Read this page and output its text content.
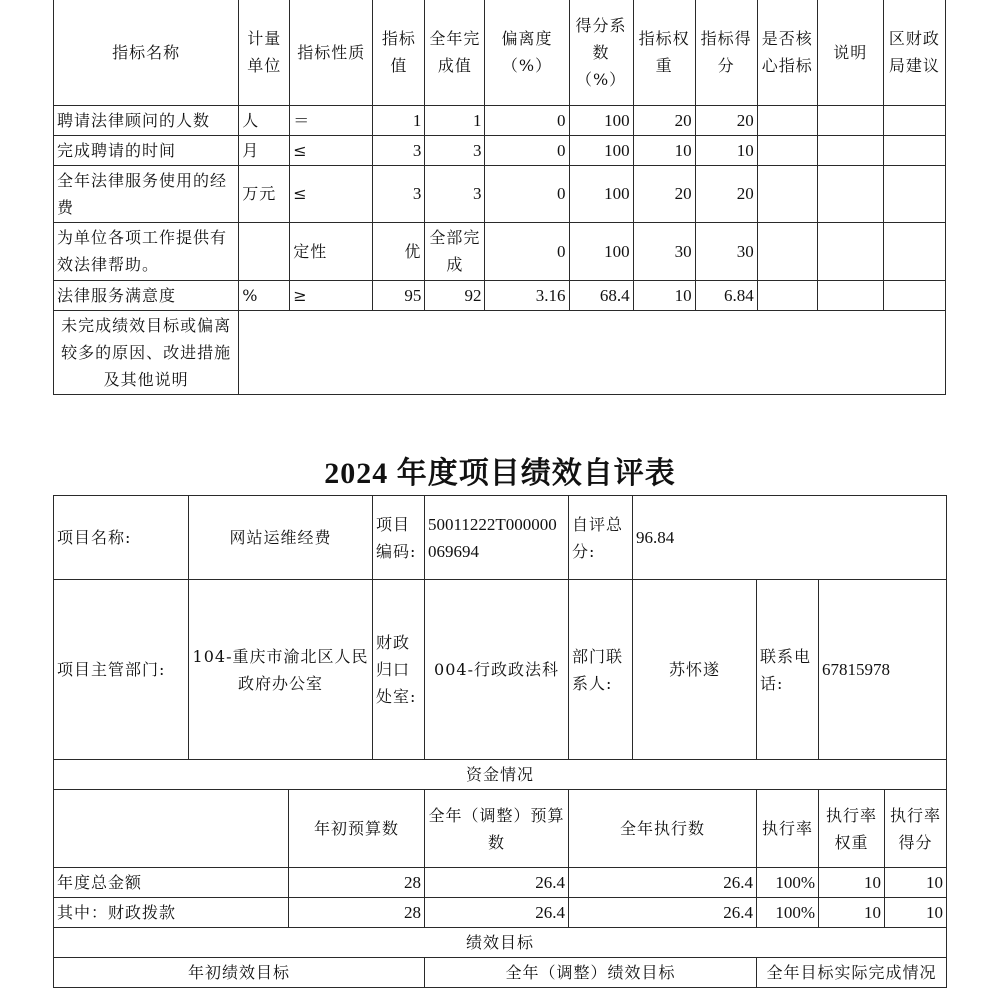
指标名称	计量单位	指标性质	指标值	全年完成值	偏离度（%）	得分系数（%）	指标权重	指标得分	是否核心指标	说明	区财政局建议
聘请法律顾问的人数	人	＝	1	1	0	100	20	20			
完成聘请的时间	月	≤	3	3	0	100	10	10			
全年法律服务使用的经费	万元	≤	3	3	0	100	20	20			
为单位各项工作提供有效法律帮助。		定性	优	全部完成	0	100	30	30			
法律服务满意度	%	≥	95	92	3.16	68.4	10	6.84			
未完成绩效目标或偏离较多的原因、改进措施及其他说明											
2024 年度项目绩效自评表
项目名称:	网站运维经费		项目编码:	50011222T000000069694	自评总分:	96.84			
项目主管部门:	104-重庆市渝北区人民政府办公室		财政归口处室:	004-行政政法科	部门联系人:	苏怀遂	联系电话:	67815978	
资金情况									
		年初预算数		全年（调整）预算数	全年执行数		执行率	执行率权重	执行率得分
年度总金额		28		26.4	26.4		100%	10	10
其中：财政拨款		28		26.4	26.4		100%	10	10
绩效目标									
年初绩效目标				全年（调整）绩效目标			全年目标实际完成情况		
